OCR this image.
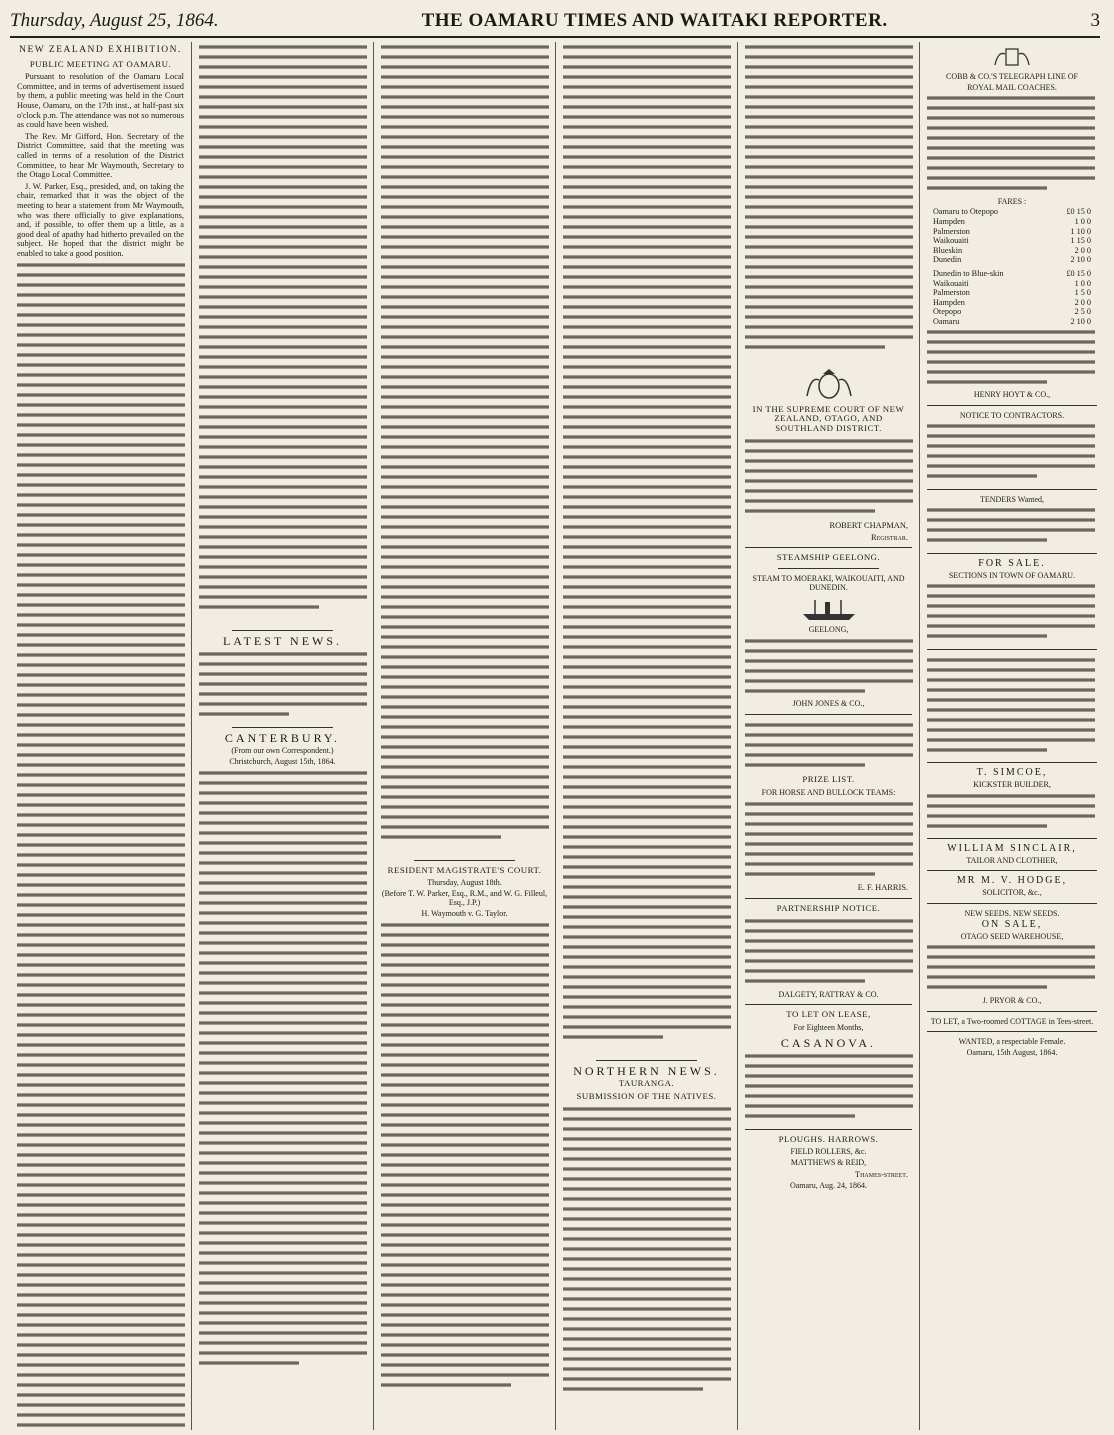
Thursday, August 25, 1864.	THE OAMARU TIMES AND WAITAKI REPORTER.	3
NEW ZEALAND EXHIBITION.
PUBLIC MEETING AT OAMARU.

Pursuant to resolution of the Oamaru Local Committee, and in terms of advertisement issued by them, a public meeting was held in the Court House, Oamaru, on the 17th inst., at half-past six o'clock p.m. The attendance was not so numerous as could have been wished.

The Rev. Mr Gifford, Hon. Secretary of the District Committee, said that the meeting was called in terms of a resolution of the District Committee, to hear Mr Waymouth, Secretary to the Otago Local Committee.

J. W. Parker, Esq., presided, and, on taking the chair, remarked that it was the object of the meeting to hear a statement from Mr Waymouth, who was there officially to give explanations, and, if possible, to offer them up a little, as a good deal of apathy had hitherto prevailed on the subject. He hoped that the district might be enabled to take a good position.

LATEST NEWS.
CANTERBURY.
(From our own Correspondent.)
Christchurch, August 15th, 1864.
RESIDENT MAGISTRATE'S COURT.
Thursday, August 18th.
(Before T. W. Parker, Esq., R.M., and W. G. Filleul, Esq., J.P.)
H. Waymouth v. G. Taylor.
NORTHERN NEWS.
TAURANGA.
SUBMISSION OF THE NATIVES.
IN THE SUPREME COURT OF NEW ZEALAND, OTAGO, AND SOUTHLAND DISTRICT.
ROBERT CHAPMAN,
Registrar.
STEAMSHIP GEELONG.
STEAM TO MOERAKI, WAIKOUAITI, AND DUNEDIN.
GEELONG,
JOHN JONES & CO.,
PRIZE LIST.
FOR HORSE AND BULLOCK TEAMS:
E. F. HARRIS.
PARTNERSHIP NOTICE.
DALGETY, RATTRAY & CO.
TO LET ON LEASE,
For Eighteen Months,
CASANOVA.
PLOUGHS. HARROWS.
FIELD ROLLERS, &c.
MATTHEWS & REID,
Thames-street.
Oamaru, Aug. 24, 1864.
COBB & CO.'S TELEGRAPH LINE OF
ROYAL MAIL COACHES.
FARES :
Oamaru to Otepopo	£0 15 0
Hampden	1 0 0
Palmerston	1 10 0
Waikouaiti	1 15 0
Blueskin	2 0 0
Dunedin	2 10 0
Dunedin to Blue-skin	£0 15 0
Waikouaiti	1 0 0
Palmerston	1 5 0
Hampden	2 0 0
Otepopo	2 5 0
Oamaru	2 10 0
HENRY HOYT & CO.,
NOTICE TO CONTRACTORS.
TENDERS Wanted,
FOR SALE.
SECTIONS IN TOWN OF OAMARU.
T. SIMCOE,
KICKSTER BUILDER,
WILLIAM SINCLAIR,
TAILOR AND CLOTHIER,
MR M. V. HODGE,
SOLICITOR, &c.,
NEW SEEDS. NEW SEEDS.
ON SALE,
OTAGO SEED WAREHOUSE,
J. PRYOR & CO.,
TO LET, a Two-roomed COTTAGE in Tees-street.
WANTED, a respectable Female.
Oamaru, 15th August, 1864.
